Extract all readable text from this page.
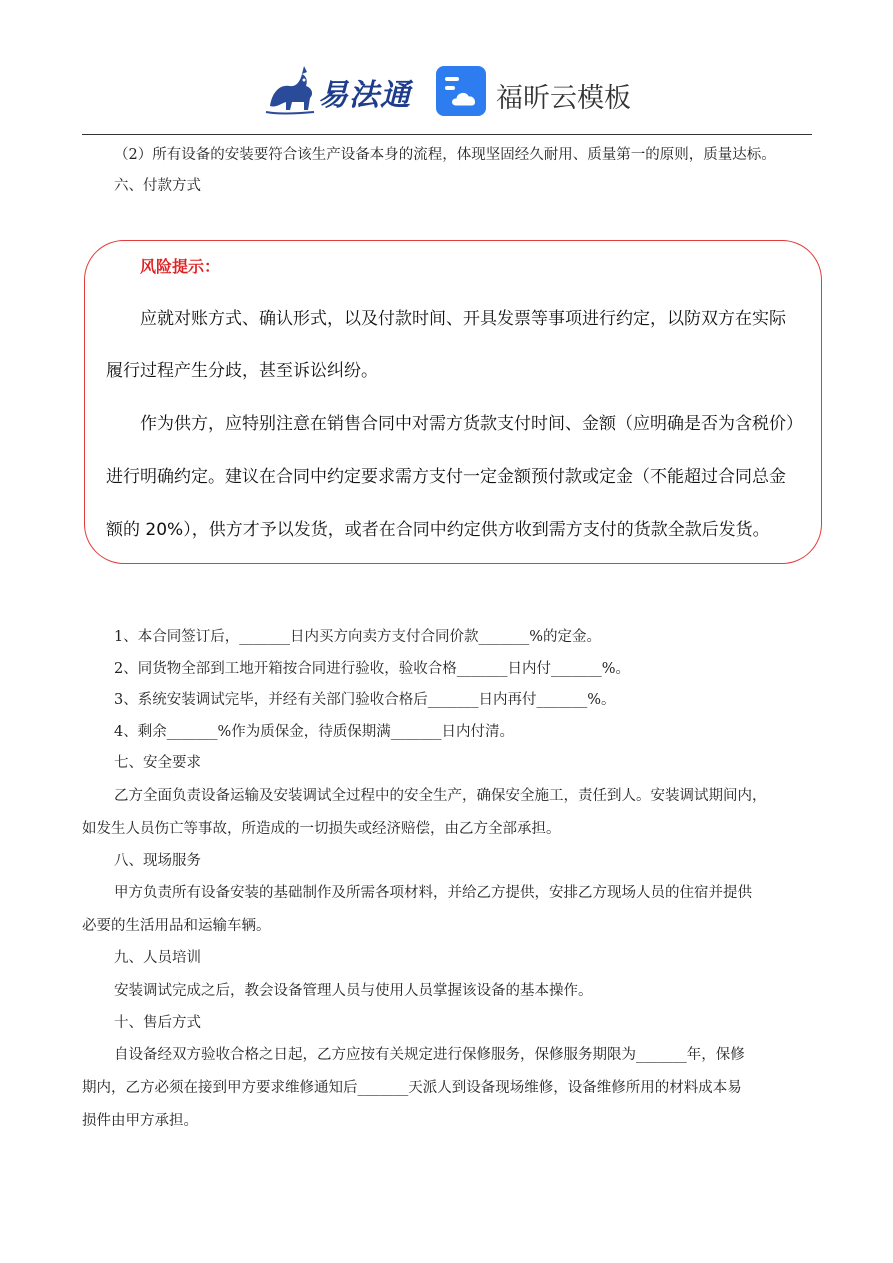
易法通	福昕云模板
（2）所有设备的安装要符合该生产设备本身的流程，体现坚固经久耐用、质量第一的原则，质量达标。
六、付款方式
风险提示：
应就对账方式、确认形式，以及付款时间、开具发票等事项进行约定，以防双方在实际
履行过程产生分歧，甚至诉讼纠纷。
作为供方，应特别注意在销售合同中对需方货款支付时间、金额（应明确是否为含税价）
进行明确约定。建议在合同中约定要求需方支付一定金额预付款或定金（不能超过合同总金
额的 20%），供方才予以发货，或者在合同中约定供方收到需方支付的货款全款后发货。
1、本合同签订后，_______日内买方向卖方支付合同价款_______%的定金。
2、同货物全部到工地开箱按合同进行验收，验收合格_______日内付_______%。
3、系统安装调试完毕，并经有关部门验收合格后_______日内再付_______%。
4、剩余_______%作为质保金，待质保期满_______日内付清。
七、安全要求
乙方全面负责设备运输及安装调试全过程中的安全生产，确保安全施工，责任到人。安装调试期间内，
如发生人员伤亡等事故，所造成的一切损失或经济赔偿，由乙方全部承担。
八、现场服务
甲方负责所有设备安装的基础制作及所需各项材料，并给乙方提供，安排乙方现场人员的住宿并提供
必要的生活用品和运输车辆。
九、人员培训
安装调试完成之后，教会设备管理人员与使用人员掌握该设备的基本操作。
十、售后方式
自设备经双方验收合格之日起，乙方应按有关规定进行保修服务，保修服务期限为_______年，保修
期内，乙方必须在接到甲方要求维修通知后_______天派人到设备现场维修，设备维修所用的材料成本易
损件由甲方承担。
